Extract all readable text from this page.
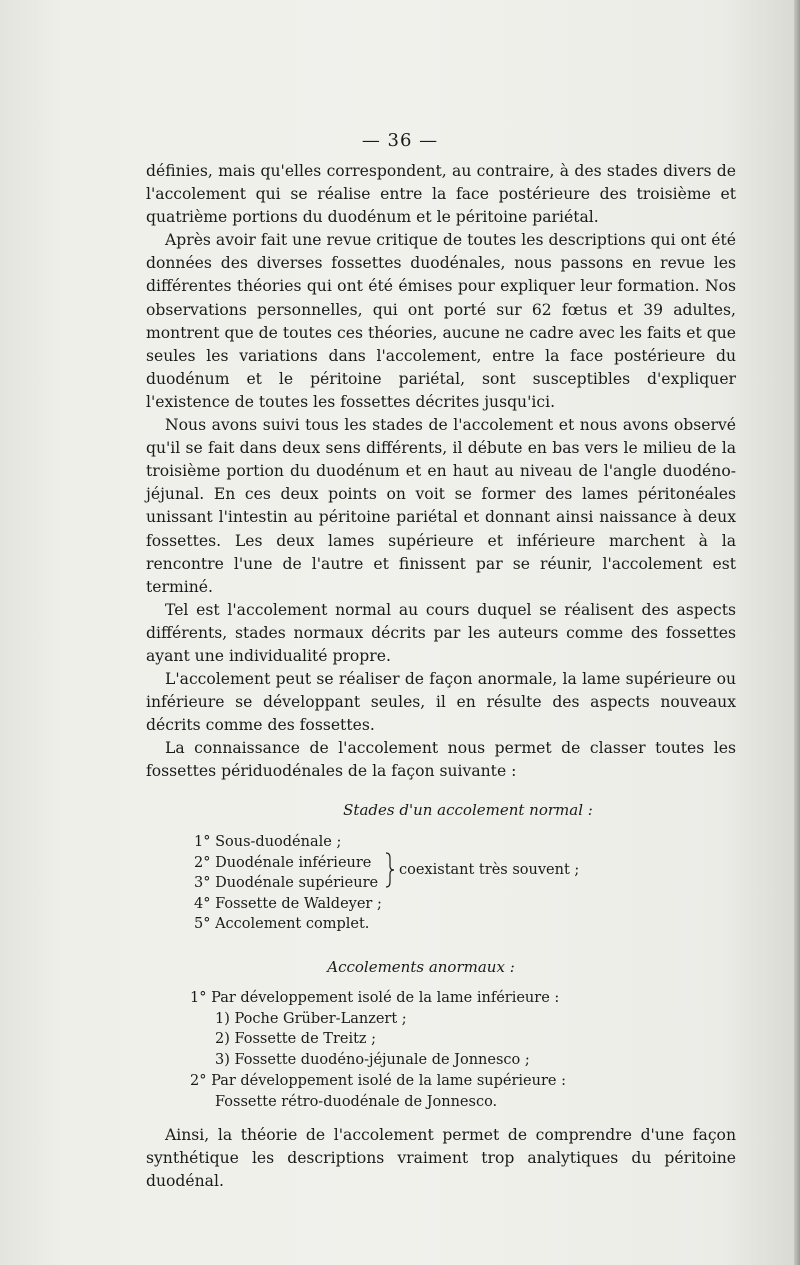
— 36 —

définies, mais qu'elles correspondent, au contraire, à des stades divers de l'accolement qui se réalise entre la face postérieure des troisième et quatrième portions du duodénum et le péritoine pariétal.

Après avoir fait une revue critique de toutes les descriptions qui ont été données des diverses fossettes duodénales, nous passons en revue les différentes théories qui ont été émises pour expliquer leur formation. Nos observations personnelles, qui ont porté sur 62 fœtus et 39 adultes, montrent que de toutes ces théories, aucune ne cadre avec les faits et que seules les variations dans l'accolement, entre la face postérieure du duodénum et le péritoine pariétal, sont susceptibles d'expliquer l'existence de toutes les fossettes décrites jusqu'ici.

Nous avons suivi tous les stades de l'accolement et nous avons observé qu'il se fait dans deux sens différents, il débute en bas vers le milieu de la troisième portion du duodénum et en haut au niveau de l'angle duodéno-jéjunal. En ces deux points on voit se former des lames péritonéales unissant l'intestin au péritoine pariétal et donnant ainsi naissance à deux fossettes. Les deux lames supérieure et inférieure marchent à la rencontre l'une de l'autre et finissent par se réunir, l'accolement est terminé.

Tel est l'accolement normal au cours duquel se réalisent des aspects différents, stades normaux décrits par les auteurs comme des fossettes ayant une individualité propre.

L'accolement peut se réaliser de façon anormale, la lame supérieure ou inférieure se développant seules, il en résulte des aspects nouveaux décrits comme des fossettes.

La connaissance de l'accolement nous permet de classer toutes les fossettes périduodénales de la façon suivante :

Stades d'un accolement normal :
1° Sous-duodénale ;
2° Duodénale inférieure
3° Duodénale supérieure
4° Fossette de Waldeyer ;
5° Accolement complet.
coexistant très souvent ;
Accolements anormaux :
1° Par développement isolé de la lame inférieure :
1) Poche Grüber-Lanzert ;
2) Fossette de Treitz ;
3) Fossette duodéno-jéjunale de Jonnesco ;
2° Par développement isolé de la lame supérieure :
Fossette rétro-duodénale de Jonnesco.

Ainsi, la théorie de l'accolement permet de comprendre d'une façon synthétique les descriptions vraiment trop analytiques du péritoine duodénal.
